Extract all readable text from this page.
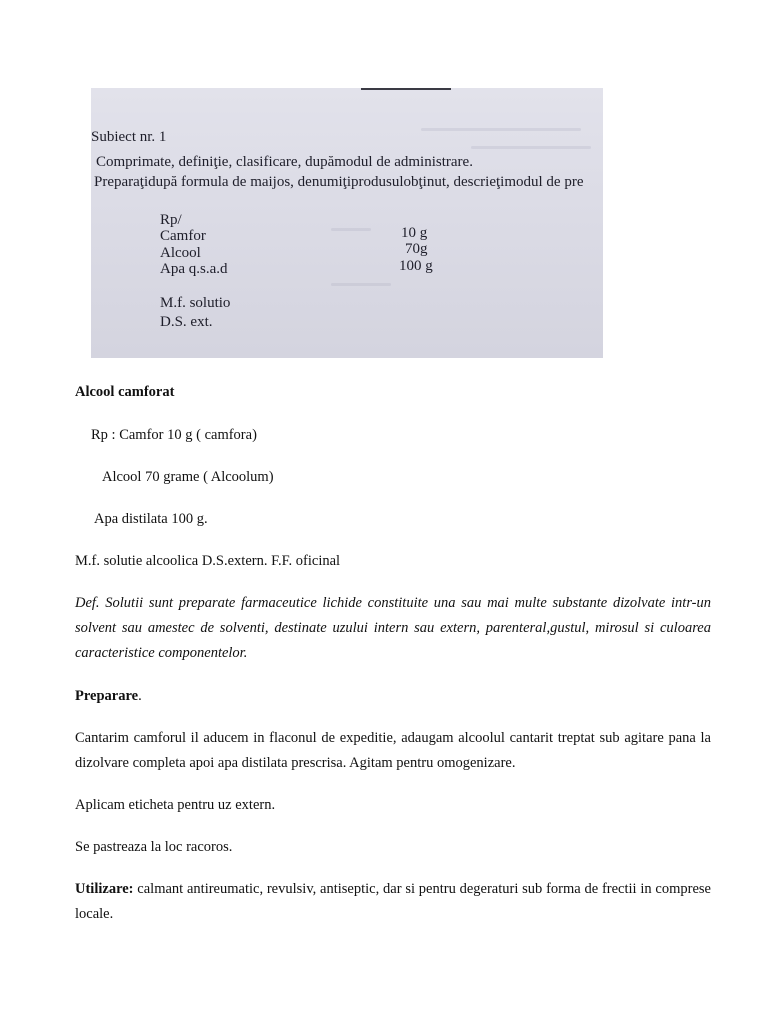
Subiect nr. 1
Comprimate, definiţie, clasificare, dupămodul de administrare.
Preparaţidupă formula de maijos, denumiţiprodusulobţinut, descrieţimodul de pre
Rp/
Camfor
Alcool
Apa q.s.a.d
10 g
70g
100 g
M.f. solutio
D.S. ext.
Alcool camforat
Rp : Camfor 10 g ( camfora)
Alcool 70 grame ( Alcoolum)
Apa distilata 100 g.
M.f. solutie alcoolica D.S.extern. F.F. oficinal
Def. Solutii sunt preparate farmaceutice lichide constituite una sau mai multe substante dizolvate intr-un solvent sau amestec de solventi, destinate uzului intern sau extern, parenteral,gustul, mirosul si culoarea caracteristice componentelor.
Preparare.
Cantarim camforul il aducem in flaconul de expeditie, adaugam alcoolul cantarit treptat sub agitare pana la dizolvare completa apoi apa distilata prescrisa. Agitam pentru omogenizare.
Aplicam eticheta pentru uz extern.
Se pastreaza la loc racoros.
Utilizare: calmant antireumatic, revulsiv, antiseptic, dar si pentru degeraturi sub forma de frectii in comprese locale.
